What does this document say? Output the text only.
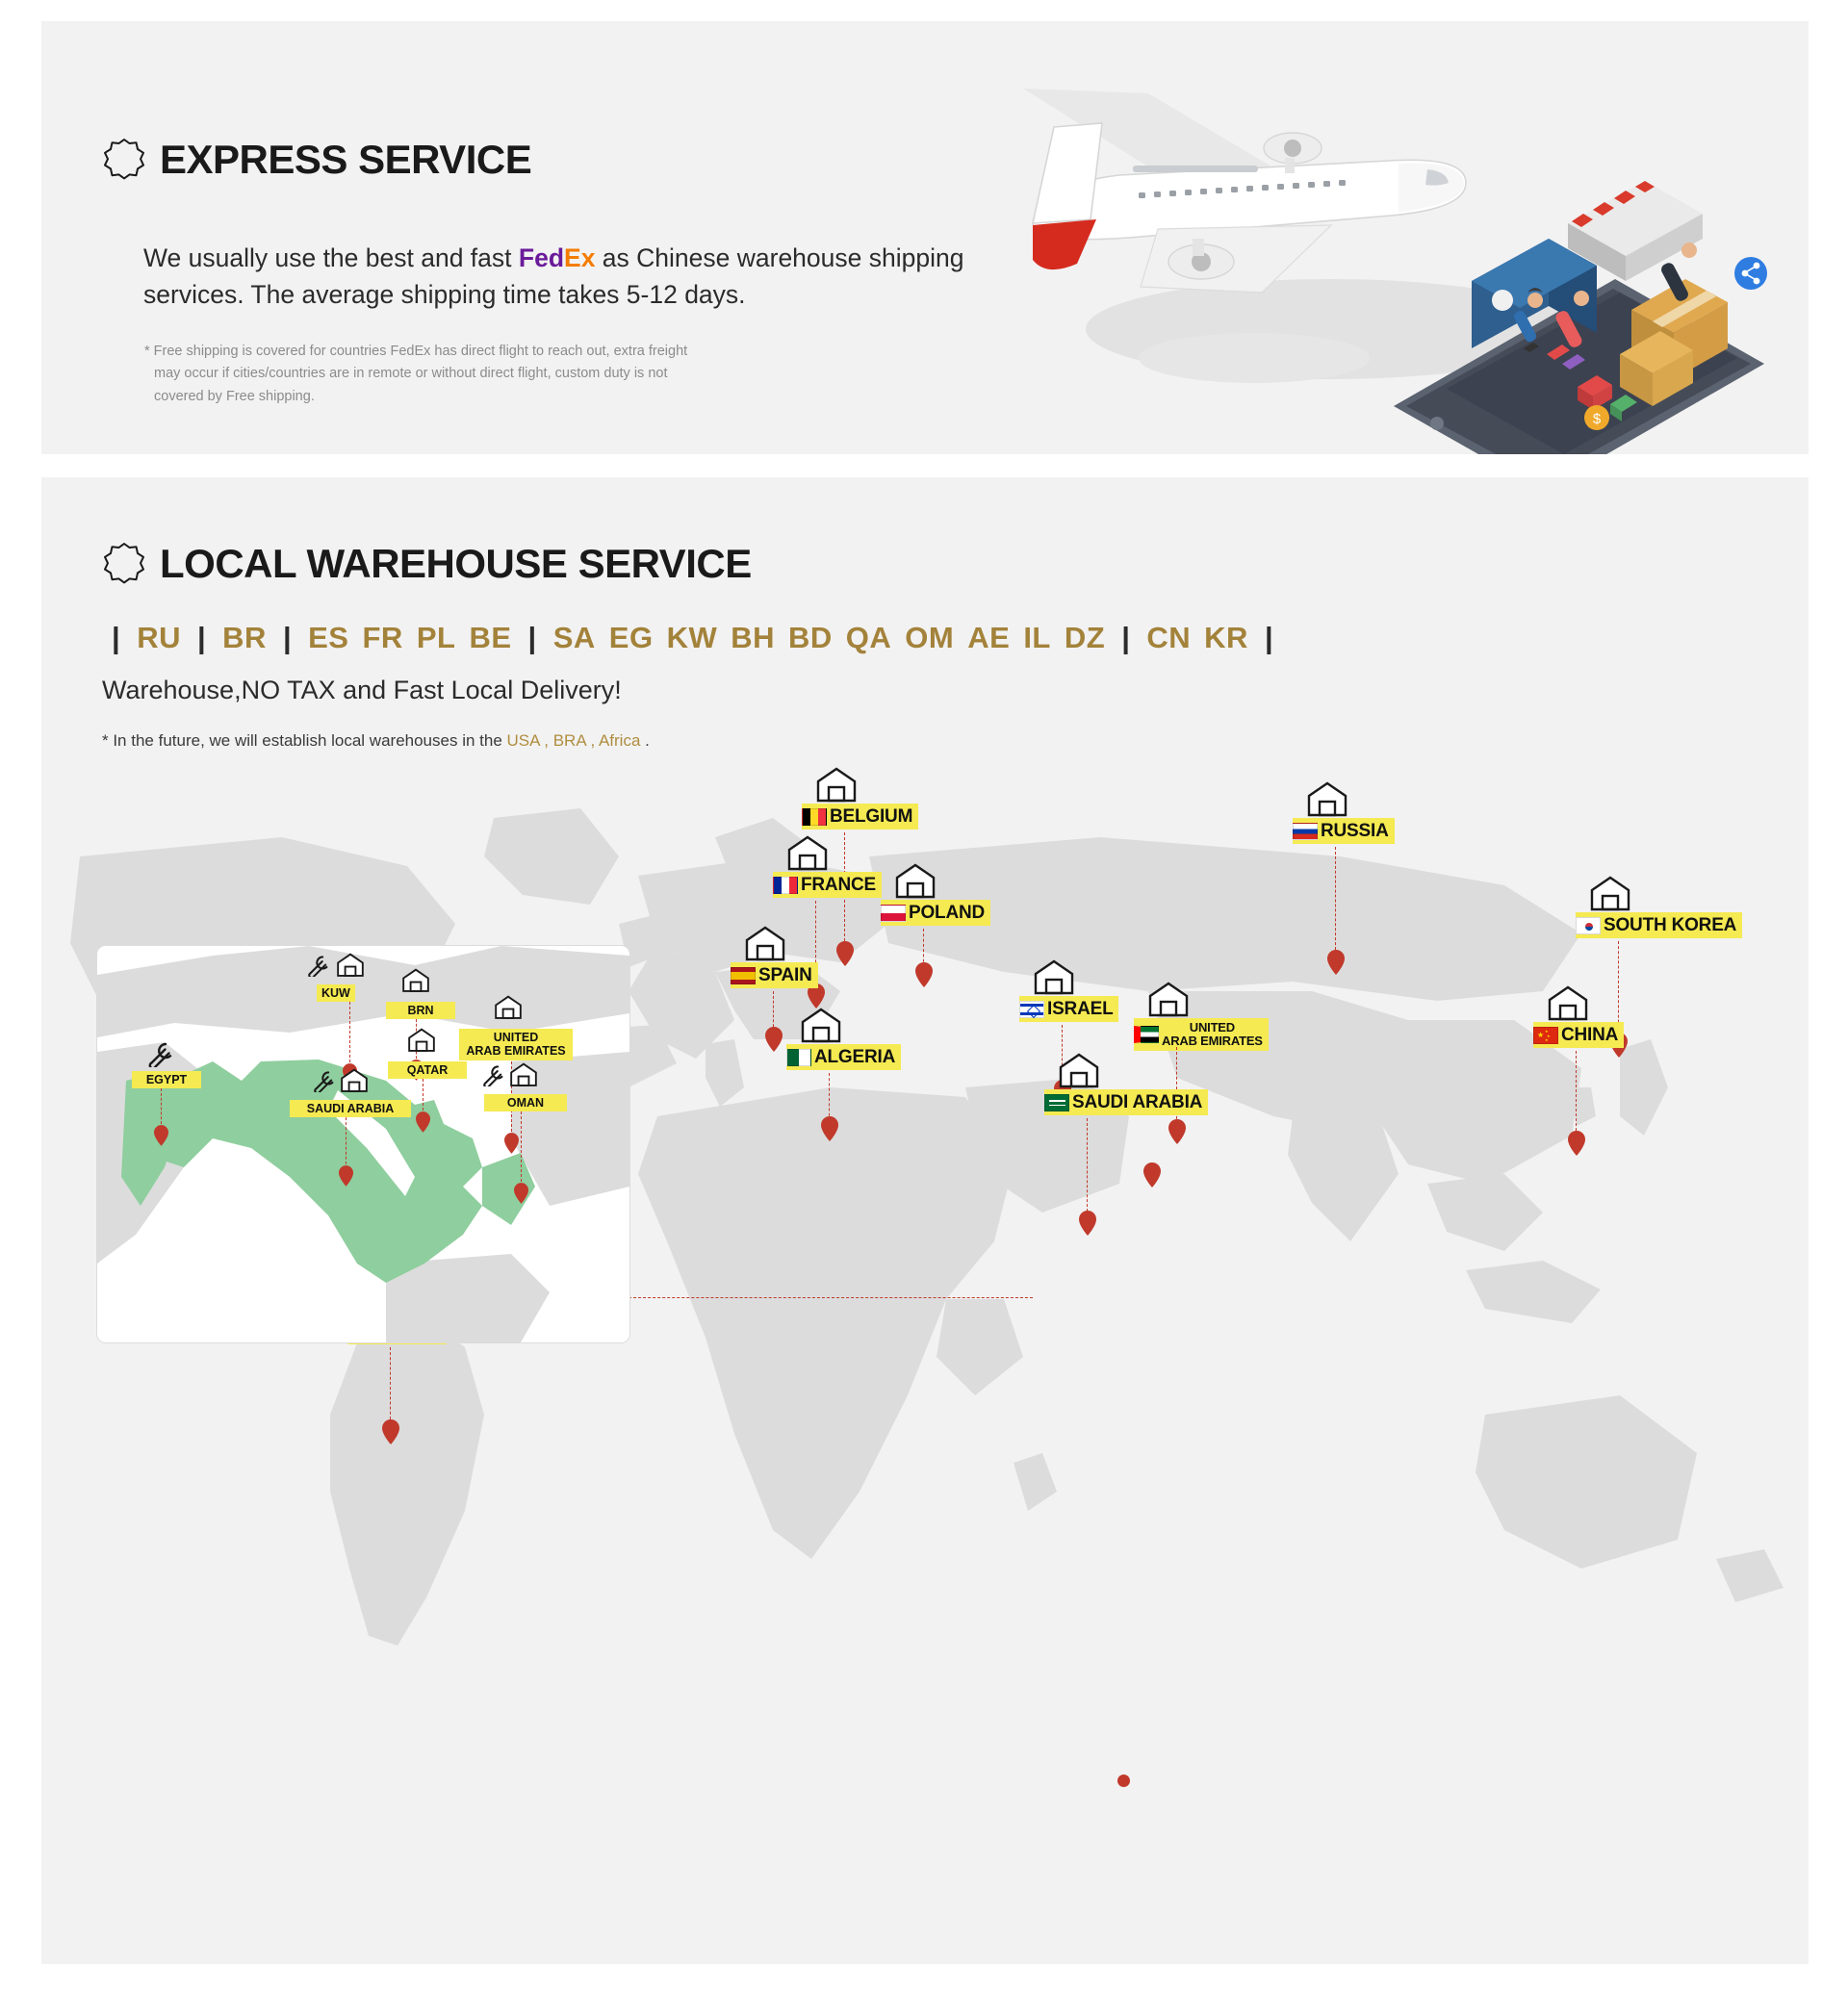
EXPRESS SERVICE
We usually use the best and fast FedEx as Chinese warehouse shipping services. The average shipping time takes 5-12 days.
* Free shipping is covered for countries FedEx has direct flight to reach out, extra freight
may occur if cities/countries are in remote or without direct flight, custom duty is not
covered by Free shipping.
$
LOCAL WAREHOUSE SERVICE
| RU | BR | ES FR PL BE | SA EG KW BH BD QA OM AE IL DZ | CN KR |
Warehouse,NO TAX and Fast Local Delivery!
* In the future, we will establish local warehouses in the USA , BRA , Africa .
BELGIUM
FRANCE
POLAND
SPAIN
ALGERIA
ISRAEL
UNITED
ARAB EMIRATES
SAUDI ARABIA
RUSSIA
SOUTH KOREA
★ ★
★
★ CHINA
KUW
BRN
UNITED
ARAB EMIRATES
QATAR
OMAN
EGYPT
SAUDI ARABIA
